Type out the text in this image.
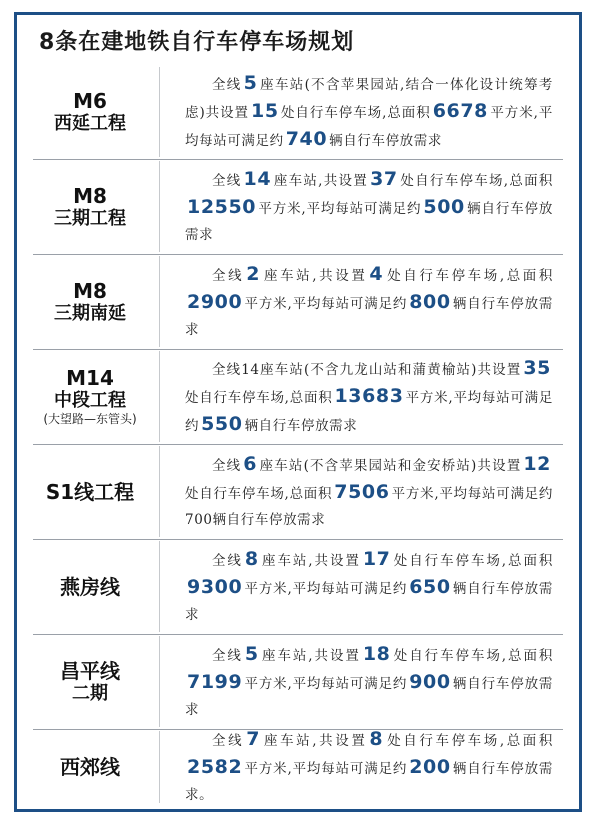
8条在建地铁自行车停车场规划
M6
西延工程

全线 5 座车站(不含苹果园站,结合一体化设计统筹考虑)共设置 15 处自行车停车场,总面积 6678 平方米,平均每站可满足约 740 辆自行车停放需求

M8
三期工程

全线 14 座车站,共设置 37 处自行车停车场,总面积12550 平方米,平均每站可满足约 500 辆自行车停放需求

M8
三期南延

全线 2 座车站,共设置 4 处自行车停车场,总面积2900 平方米,平均每站可满足约 800 辆自行车停放需求

M14
中段工程
(大望路—东管头)

全线14座车站(不含九龙山站和蒲黄榆站)共设置 35处自行车停车场,总面积 13683 平方米,平均每站可满足约 550 辆自行车停放需求

S1线工程

全线 6 座车站(不含苹果园站和金安桥站)共设置 12处自行车停车场,总面积 7506 平方米,平均每站可满足约700辆自行车停放需求

燕房线

全线 8 座车站,共设置 17 处自行车停车场,总面积9300 平方米,平均每站可满足约 650 辆自行车停放需求

昌平线
二期

全线 5 座车站,共设置 18 处自行车停车场,总面积7199 平方米,平均每站可满足约 900 辆自行车停放需求

西郊线

全线 7 座车站,共设置 8 处自行车停车场,总面积2582 平方米,平均每站可满足约 200 辆自行车停放需求。
